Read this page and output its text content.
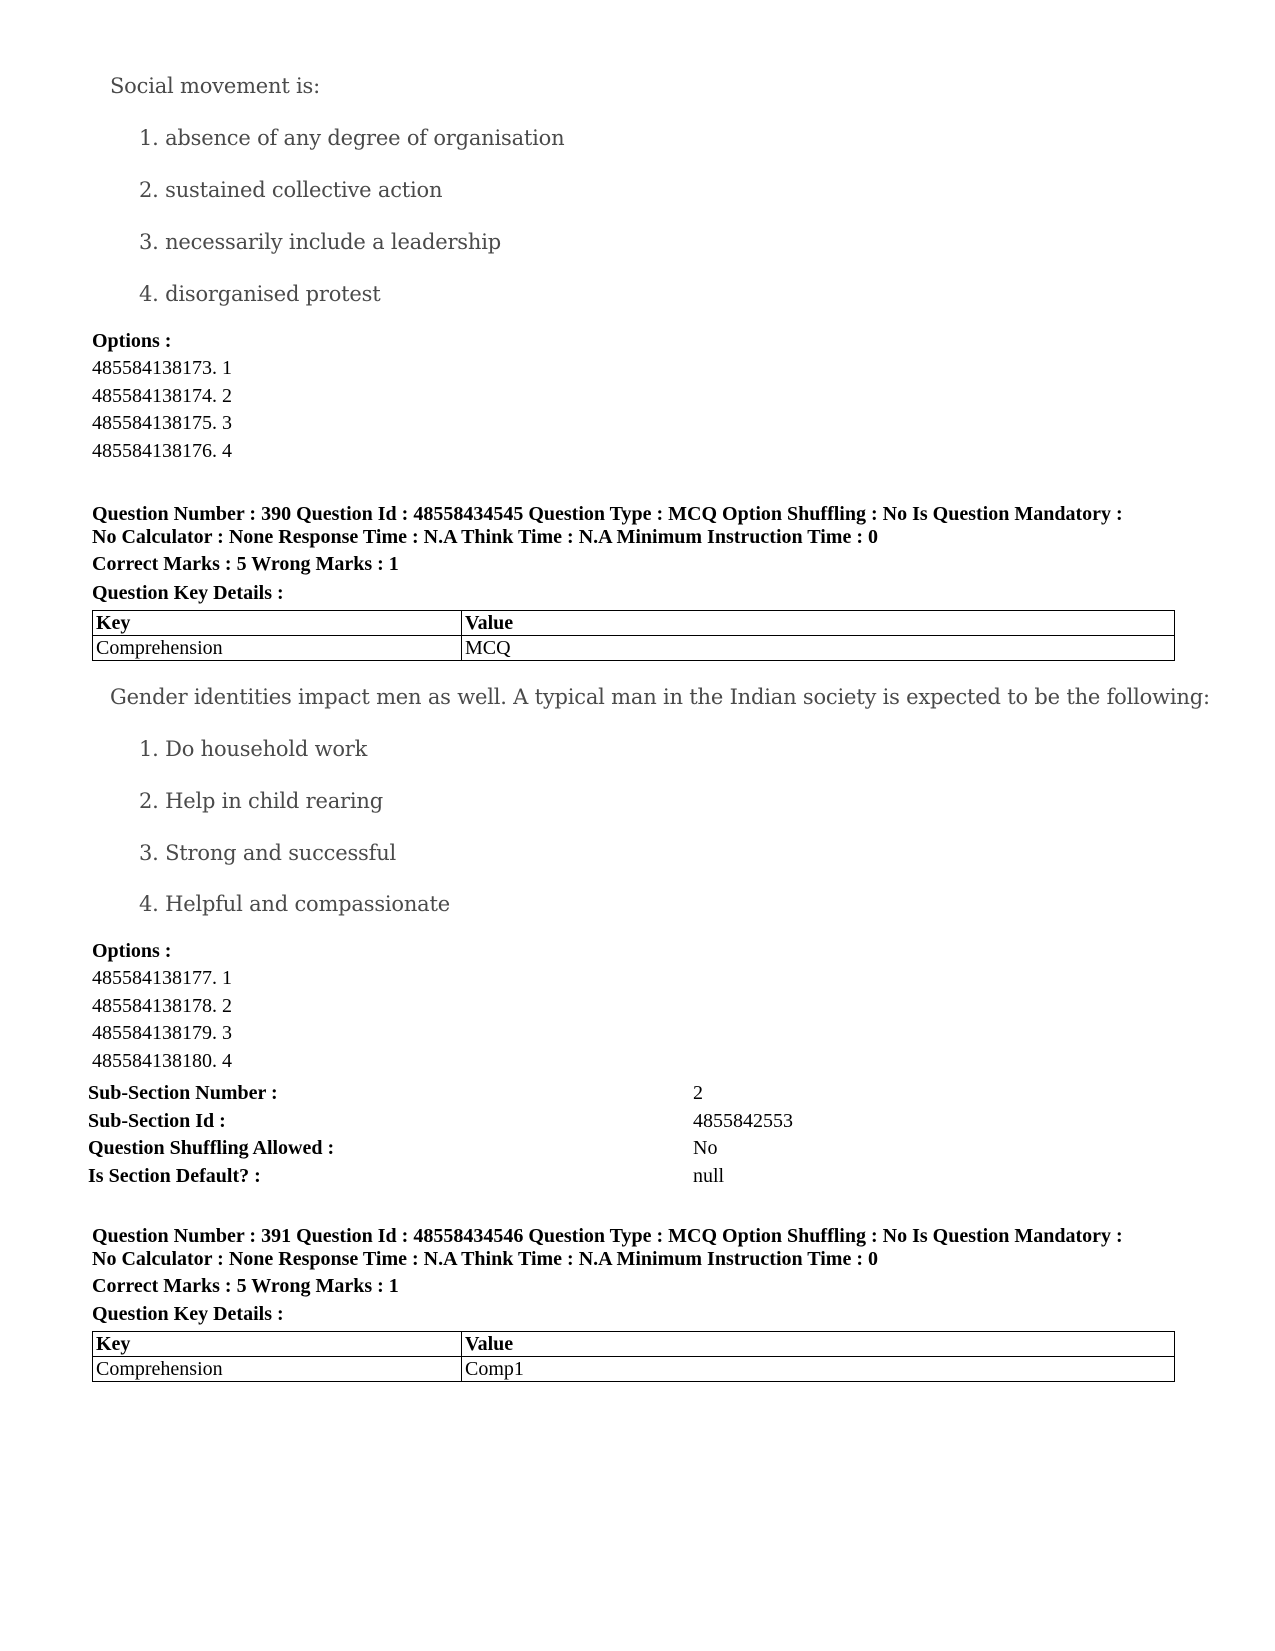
Social movement is:
1. absence of any degree of organisation
2. sustained collective action
3. necessarily include a leadership
4. disorganised protest
Options :
485584138173. 1
485584138174. 2
485584138175. 3
485584138176. 4
Question Number : 390 Question Id : 48558434545 Question Type : MCQ Option Shuffling : No Is Question Mandatory :
No Calculator : None Response Time : N.A Think Time : N.A Minimum Instruction Time : 0
Correct Marks : 5 Wrong Marks : 1
Question Key Details :
Key	Value
Comprehension	MCQ
Gender identities impact men as well. A typical man in the Indian society is expected to be the following:
1. Do household work
2. Help in child rearing
3. Strong and successful
4. Helpful and compassionate
Options :
485584138177. 1
485584138178. 2
485584138179. 3
485584138180. 4
Sub-Section Number :	2
Sub-Section Id :	4855842553
Question Shuffling Allowed :	No
Is Section Default? :	null
Question Number : 391 Question Id : 48558434546 Question Type : MCQ Option Shuffling : No Is Question Mandatory :
No Calculator : None Response Time : N.A Think Time : N.A Minimum Instruction Time : 0
Correct Marks : 5 Wrong Marks : 1
Question Key Details :
Key	Value
Comprehension	Comp1
